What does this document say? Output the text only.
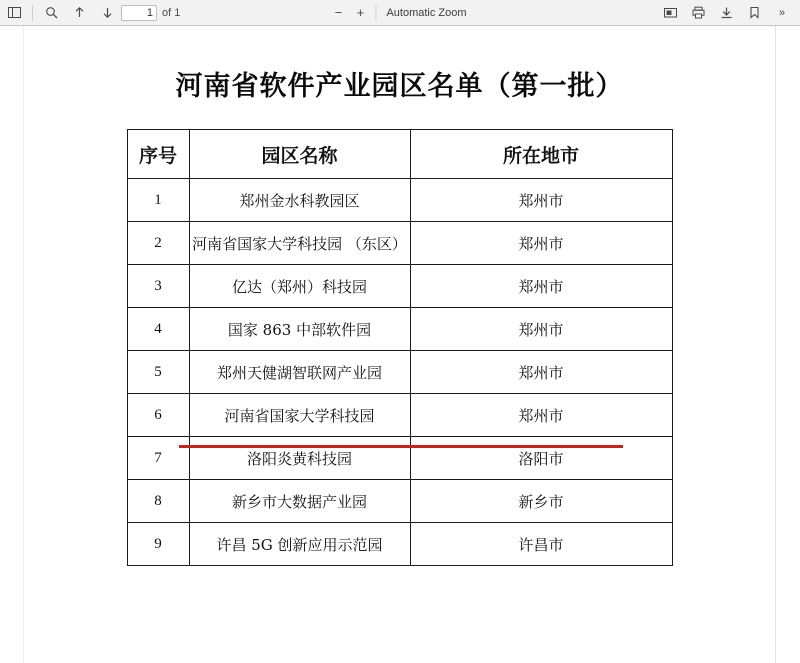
1
of 1	−	+	Automatic Zoom	»
河南省软件产业园区名单（第一批）
序号	园区名称	所在地市
1	郑州金水科教园区	郑州市
2	河南省国家大学科技园 （东区）	郑州市
3	亿达（郑州）科技园	郑州市
4	国家 863 中部软件园	郑州市
5	郑州天健湖智联网产业园	郑州市
6	河南省国家大学科技园	郑州市
7	洛阳炎黄科技园	洛阳市
8	新乡市大数据产业园	新乡市
9	许昌 5G 创新应用示范园	许昌市
